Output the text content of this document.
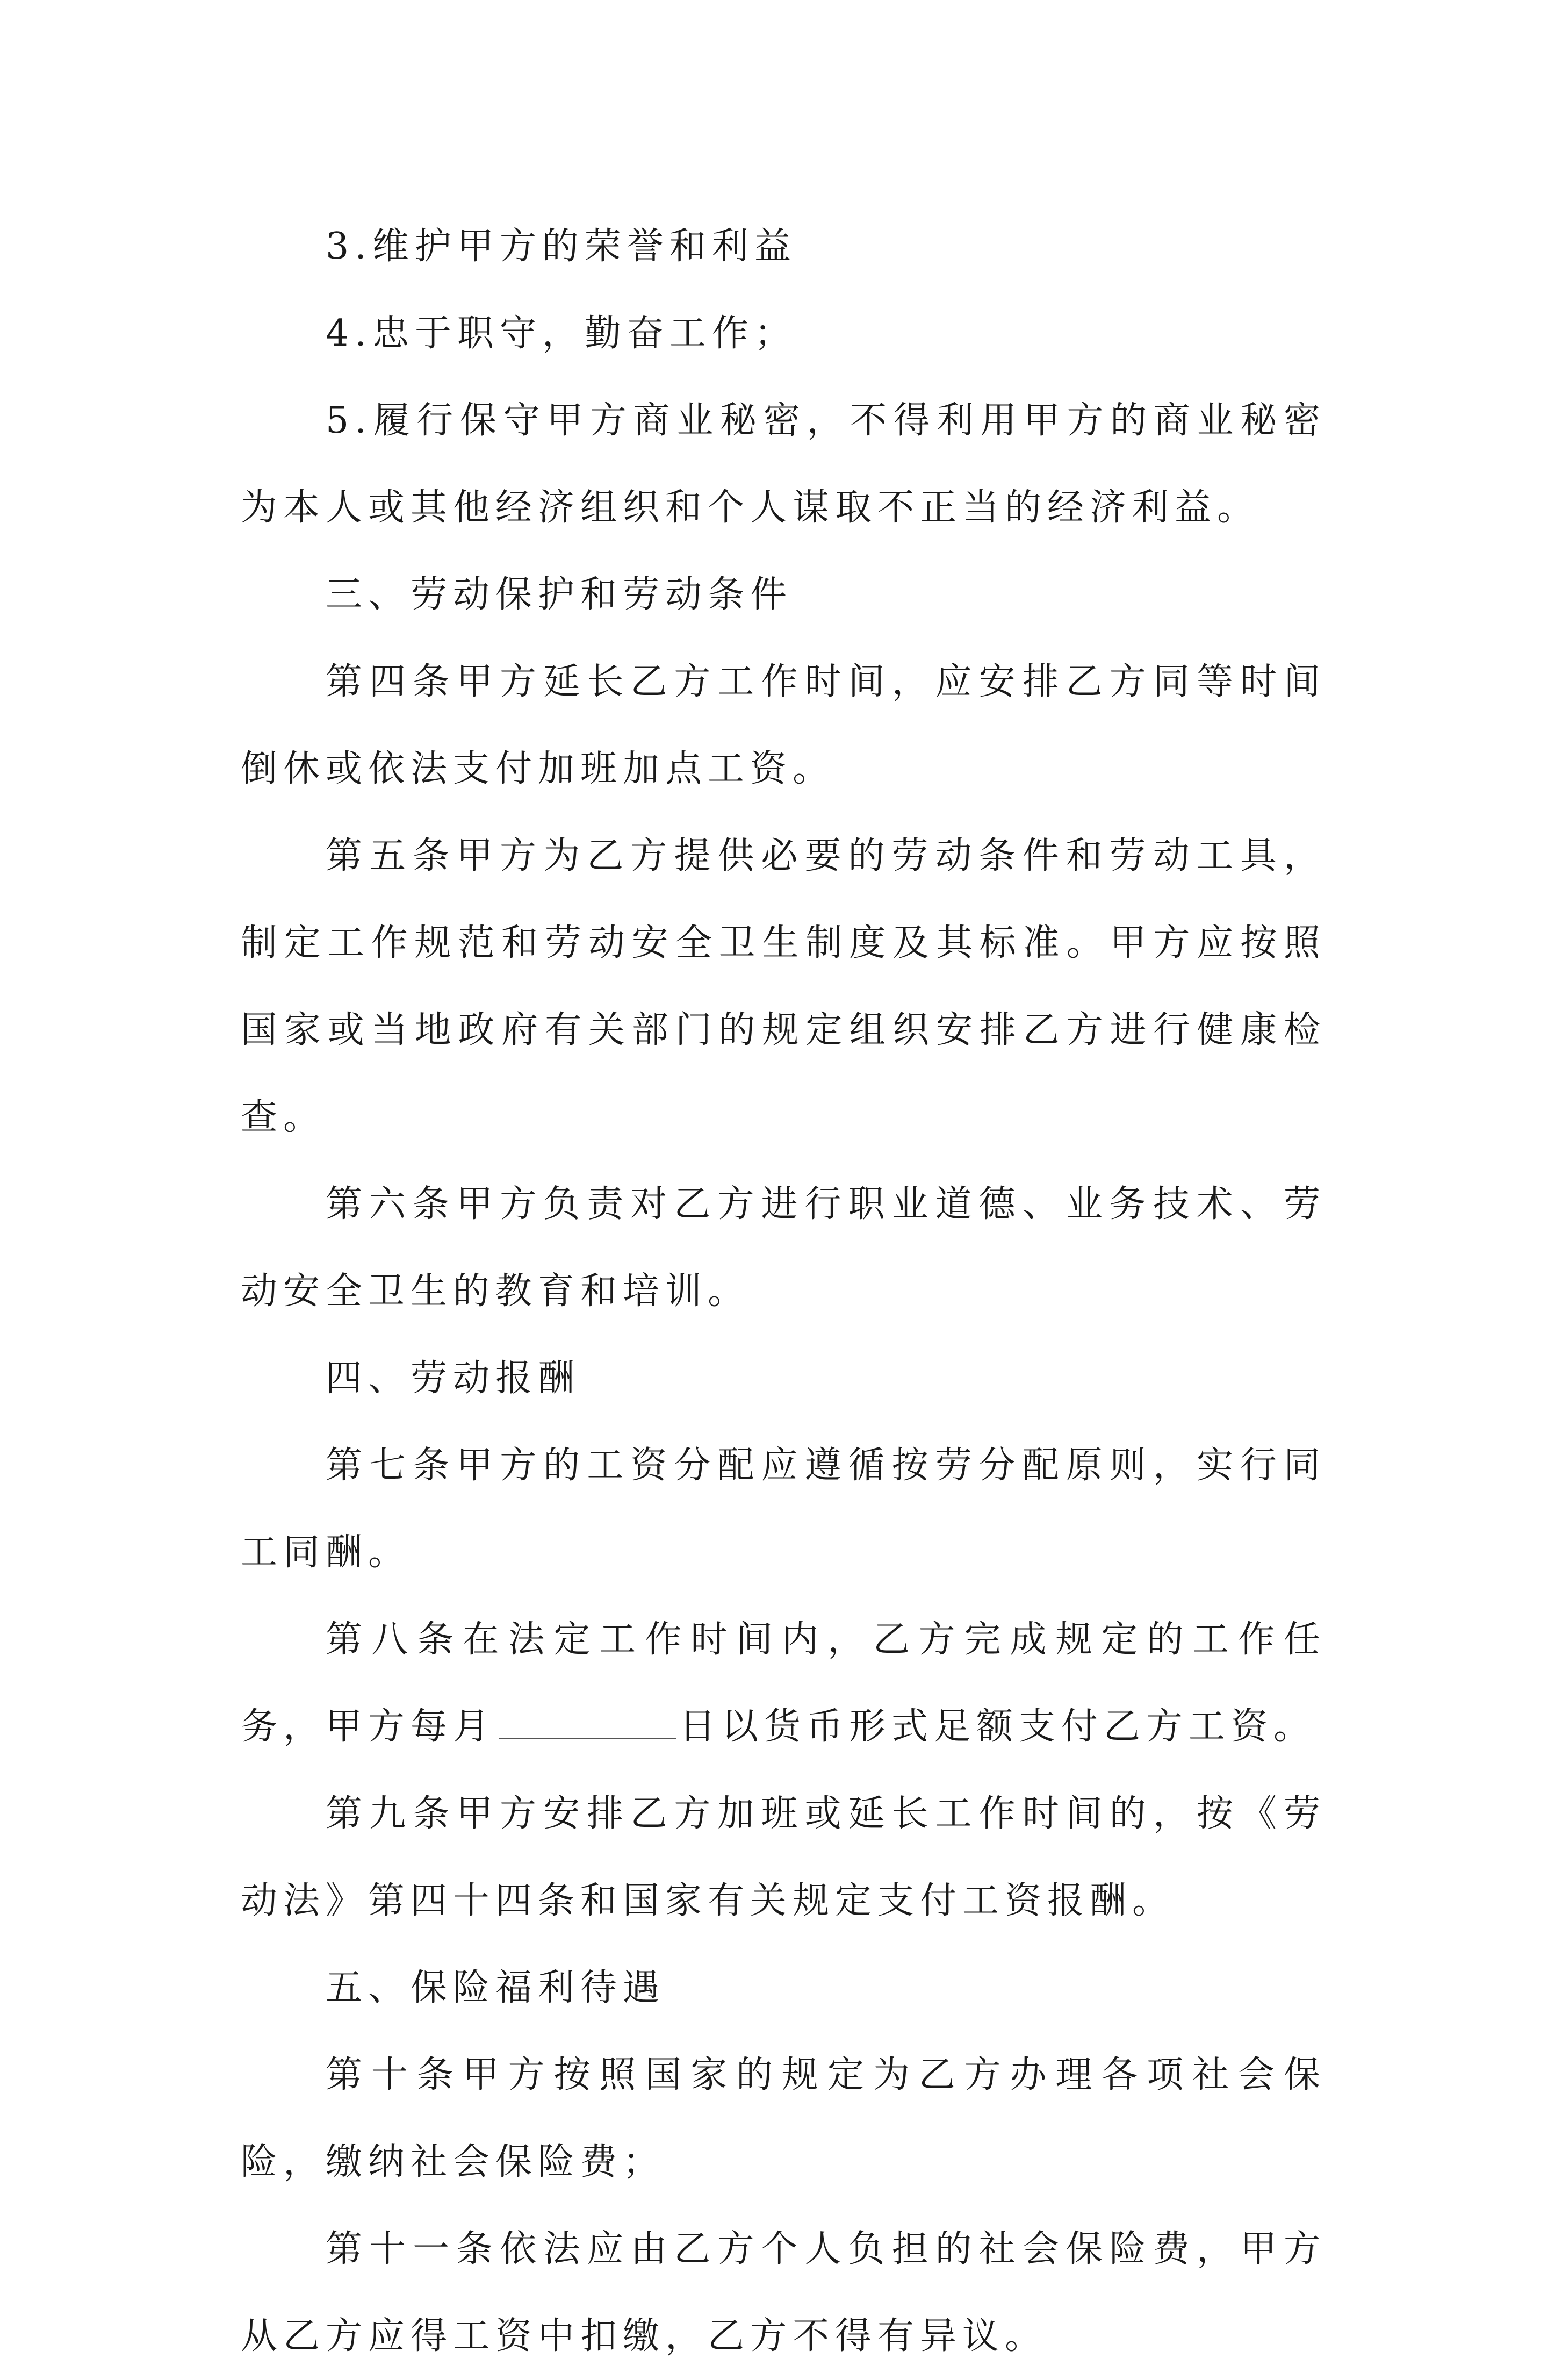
3.维护甲方的荣誉和利益

4.忠于职守，勤奋工作；

5.履行保守甲方商业秘密，不得利用甲方的商业秘密为本人或其他经济组织和个人谋取不正当的经济利益。

三、劳动保护和劳动条件

第四条甲方延长乙方工作时间，应安排乙方同等时间倒休或依法支付加班加点工资。

第五条甲方为乙方提供必要的劳动条件和劳动工具，制定工作规范和劳动安全卫生制度及其标准。甲方应按照国家或当地政府有关部门的规定组织安排乙方进行健康检查。

第六条甲方负责对乙方进行职业道德、业务技术、劳动安全卫生的教育和培训。

四、劳动报酬

第七条甲方的工资分配应遵循按劳分配原则，实行同工同酬。

第八条在法定工作时间内，乙方完成规定的工作任务，甲方每月	日以货币形式足额支付乙方工资。

第九条甲方安排乙方加班或延长工作时间的，按《劳动法》第四十四条和国家有关规定支付工资报酬。

五、保险福利待遇

第十条甲方按照国家的规定为乙方办理各项社会保险，缴纳社会保险费；

第十一条依法应由乙方个人负担的社会保险费，甲方从乙方应得工资中扣缴，乙方不得有异议。
